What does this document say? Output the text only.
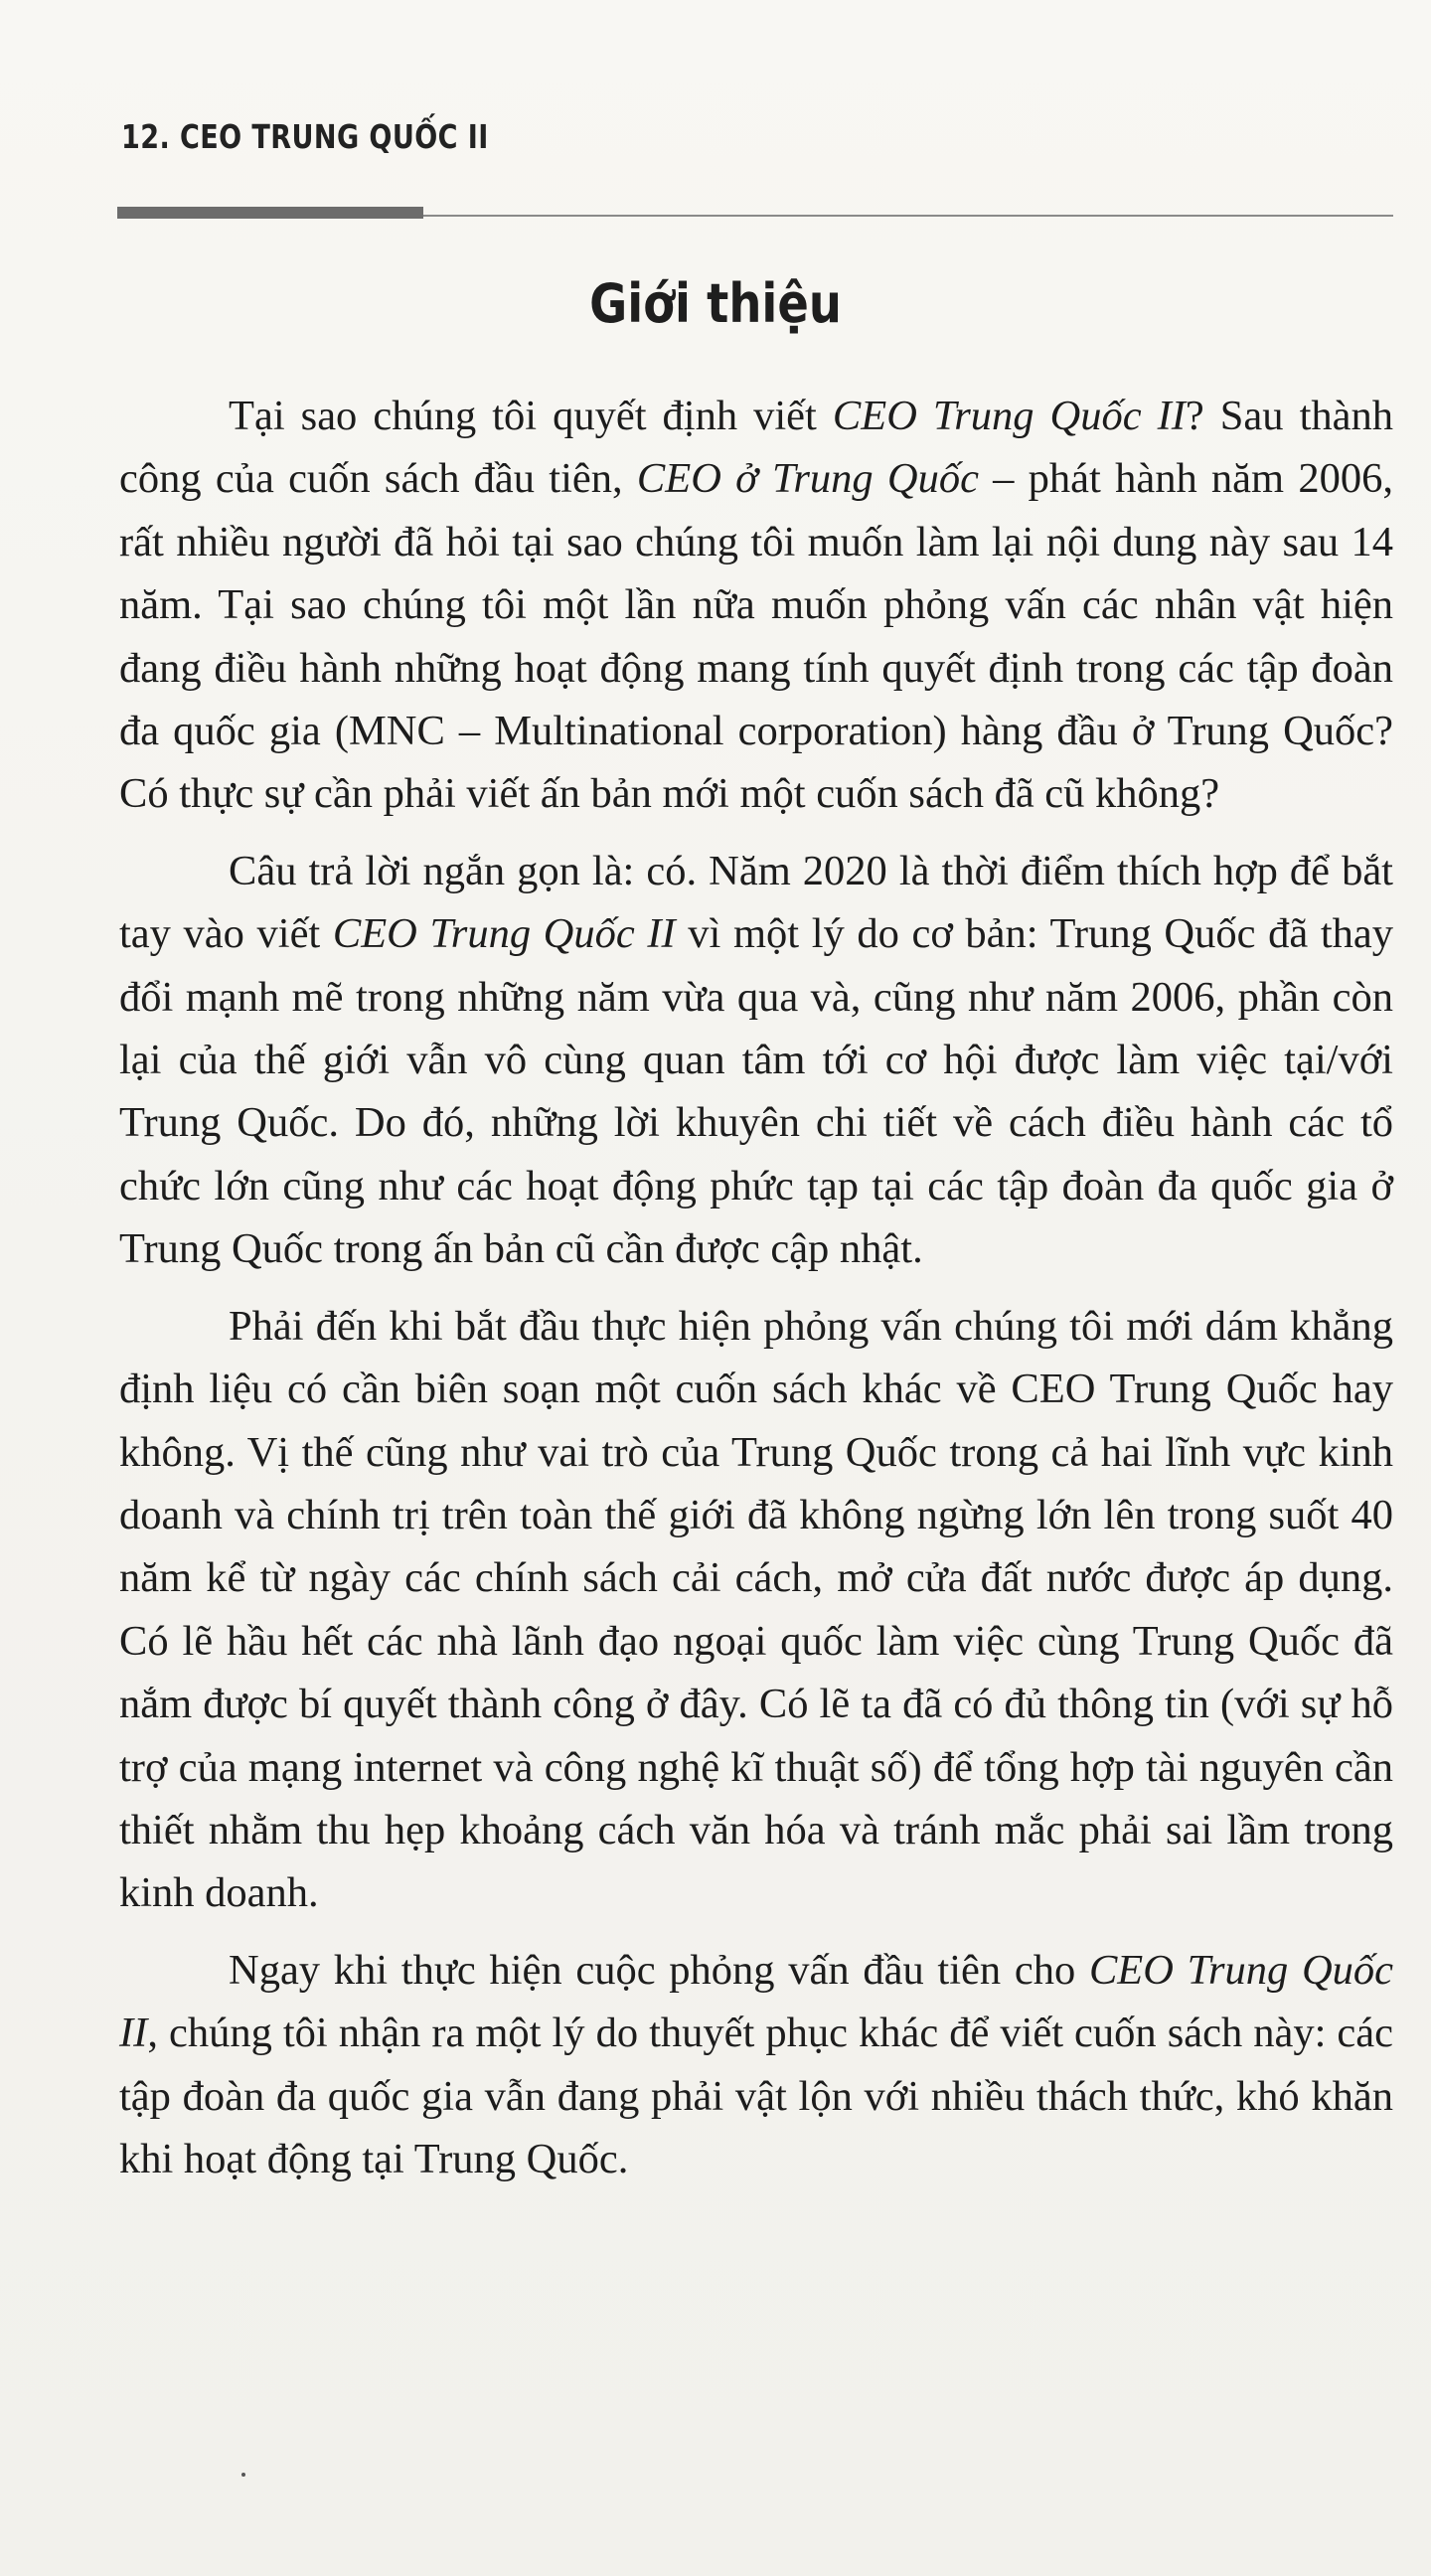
12. CEO TRUNG QUỐC II
Giới thiệu

Tại sao chúng tôi quyết định viết CEO Trung Quốc II? Sau thành công của cuốn sách đầu tiên, CEO ở Trung Quốc – phát hành năm 2006, rất nhiều người đã hỏi tại sao chúng tôi muốn làm lại nội dung này sau 14 năm. Tại sao chúng tôi một lần nữa muốn phỏng vấn các nhân vật hiện đang điều hành những hoạt động mang tính quyết định trong các tập đoàn đa quốc gia (MNC – Multinational corporation) hàng đầu ở Trung Quốc? Có thực sự cần phải viết ấn bản mới một cuốn sách đã cũ không?

Câu trả lời ngắn gọn là: có. Năm 2020 là thời điểm thích hợp để bắt tay vào viết CEO Trung Quốc II vì một lý do cơ bản: Trung Quốc đã thay đổi mạnh mẽ trong những năm vừa qua và, cũng như năm 2006, phần còn lại của thế giới vẫn vô cùng quan tâm tới cơ hội được làm việc tại/với Trung Quốc. Do đó, những lời khuyên chi tiết về cách điều hành các tổ chức lớn cũng như các hoạt động phức tạp tại các tập đoàn đa quốc gia ở Trung Quốc trong ấn bản cũ cần được cập nhật.

Phải đến khi bắt đầu thực hiện phỏng vấn chúng tôi mới dám khẳng định liệu có cần biên soạn một cuốn sách khác về CEO Trung Quốc hay không. Vị thế cũng như vai trò của Trung Quốc trong cả hai lĩnh vực kinh doanh và chính trị trên toàn thế giới đã không ngừng lớn lên trong suốt 40 năm kể từ ngày các chính sách cải cách, mở cửa đất nước được áp dụng. Có lẽ hầu hết các nhà lãnh đạo ngoại quốc làm việc cùng Trung Quốc đã nắm được bí quyết thành công ở đây. Có lẽ ta đã có đủ thông tin (với sự hỗ trợ của mạng internet và công nghệ kĩ thuật số) để tổng hợp tài nguyên cần thiết nhằm thu hẹp khoảng cách văn hóa và tránh mắc phải sai lầm trong kinh doanh.

Ngay khi thực hiện cuộc phỏng vấn đầu tiên cho CEO Trung Quốc II, chúng tôi nhận ra một lý do thuyết phục khác để viết cuốn sách này: các tập đoàn đa quốc gia vẫn đang phải vật lộn với nhiều thách thức, khó khăn khi hoạt động tại Trung Quốc.
